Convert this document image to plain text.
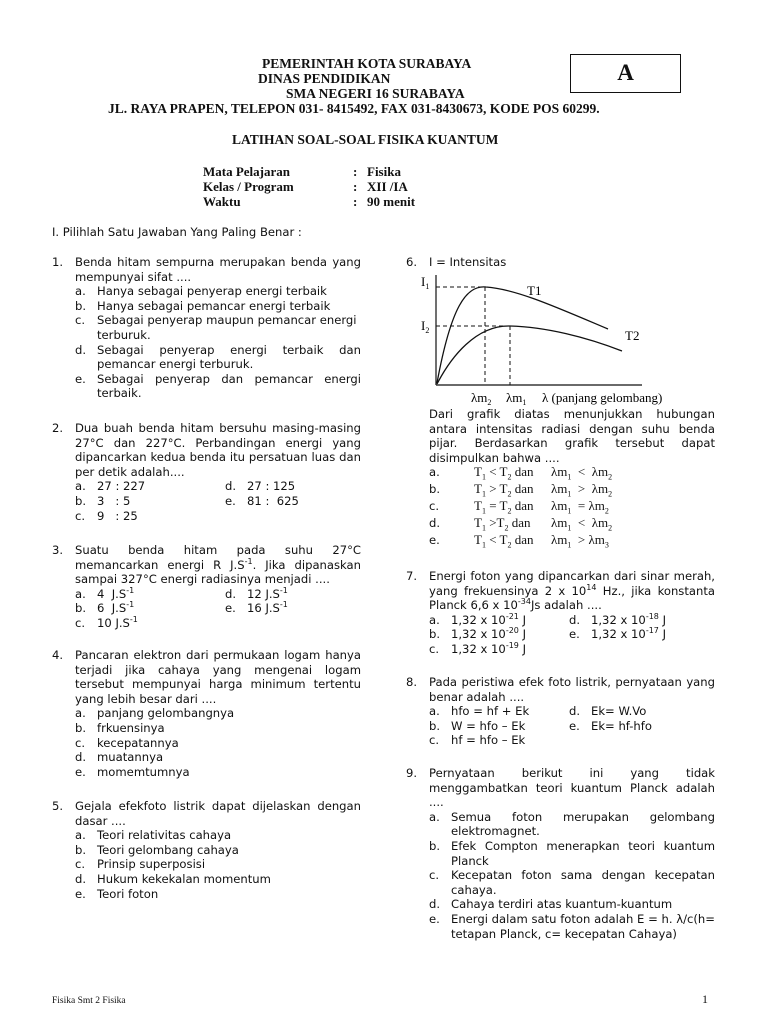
PEMERINTAH KOTA SURABAYA
DINAS PENDIDIKAN
SMA NEGERI 16 SURABAYA
JL. RAYA PRAPEN, TELEPON 031- 8415492, FAX 031-8430673, KODE POS 60299.
A
LATIHAN SOAL-SOAL FISIKA KUANTUM
Mata Pelajaran	: Fisika
Kelas / Program	: XII /IA
Waktu	: 90 menit
I. Pilihlah Satu Jawaban Yang Paling Benar :
1. Benda hitam sempurna merupakan benda yang mempunyai sifat ....
a. Hanya sebagai penyerap energi terbaik
b. Hanya sebagai pemancar energi terbaik
c. Sebagai penyerap maupun pemancar energi terburuk.
d. Sebagai penyerap energi terbaik dan pemancar energi terburuk.
e. Sebagai penyerap dan pemancar energi terbaik.
2. Dua buah benda hitam bersuhu masing-masing 27°C dan 227°C. Perbandingan energi yang dipancarkan kedua benda itu persatuan luas dan per detik adalah....
a. 27 : 227	d. 27 : 125
b. 3   : 5	e. 81 :  625
c. 9   : 25
3. Suatu benda hitam pada suhu 27°C memancarkan energi R $J.S^{-1}$. Jika dipanaskan sampai 327°C energi radiasinya menjadi ....
a. 4  $J.S^{-1}$	d. 12 $J.S^{-1}$
b. 6  $J.S^{-1}$	e. 16 $J.S^{-1}$
c. 10 $J.S^{-1}$
4. Pancaran elektron dari permukaan logam hanya terjadi jika cahaya yang mengenai logam tersebut mempunyai harga minimum tertentu yang lebih besar dari ....
a. panjang gelombangnya
b. frkuensinya
c. kecepatannya
d. muatannya
e. momemtumnya
5. Gejala efekfoto listrik dapat dijelaskan dengan dasar ....
a. Teori relativitas cahaya
b. Teori gelombang cahaya
c. Prinsip superposisi
d. Hukum kekekalan momentum
e. Teori foton
6. I = Intensitas
$I_1$
$I_2$
T1
T2
$\lambda m_2$ $\lambda m_1$ λ (panjang gelombang)
Dari grafik diatas menunjukkan hubungan antara intensitas radiasi dengan suhu benda pijar. Berdasarkan grafik tersebut dapat disimpulkan bahwa ....
a.	$T_1 < T_2$ dan $\lambda m_1 < \lambda m_2$
b.	$T_1 > T_2$ dan $\lambda m_1 > \lambda m_2$
c.	$T_1 = T_2$ dan $\lambda m_1 = \lambda m_2$
d.	$T_1 >T_2$ dan $\lambda m_1 < \lambda m_2$
e.	$T_1 < T_2$ dan $\lambda m_1 > \lambda m_3$
7. Energi foton yang dipancarkan dari sinar merah, yang frekuensinya 2 x $10^{14}$ Hz., jika konstanta Planck 6,6 x $10^{-34}Js$ adalah ....
a. 1,32 x $10^{-21}$ J	d. 1,32 x $10^{-18}$ J
b. 1,32 x $10^{-20}$ J	e. 1,32 x $10^{-17}$ J
c. 1,32 x $10^{-19}$ J
8. Pada peristiwa efek foto listrik, pernyataan yang benar adalah ....
a. hfo = hf + Ek	d. Ek= W.Vo
b. W = hfo – Ek	e. Ek= hf-hfo
c. hf = hfo – Ek
9. Pernyataan berikut ini yang tidak menggambatkan teori kuantum Planck adalah ....
a. Semua foton merupakan gelombang elektromagnet.
b. Efek Compton menerapkan teori kuantum Planck
c. Kecepatan foton sama dengan kecepatan cahaya.
d. Cahaya terdiri atas kuantum-kuantum
e. Energi dalam satu foton adalah E = h. λ/c(h= tetapan Planck, c= kecepatan Cahaya)
Fisika Smt 2 Fisika	1
